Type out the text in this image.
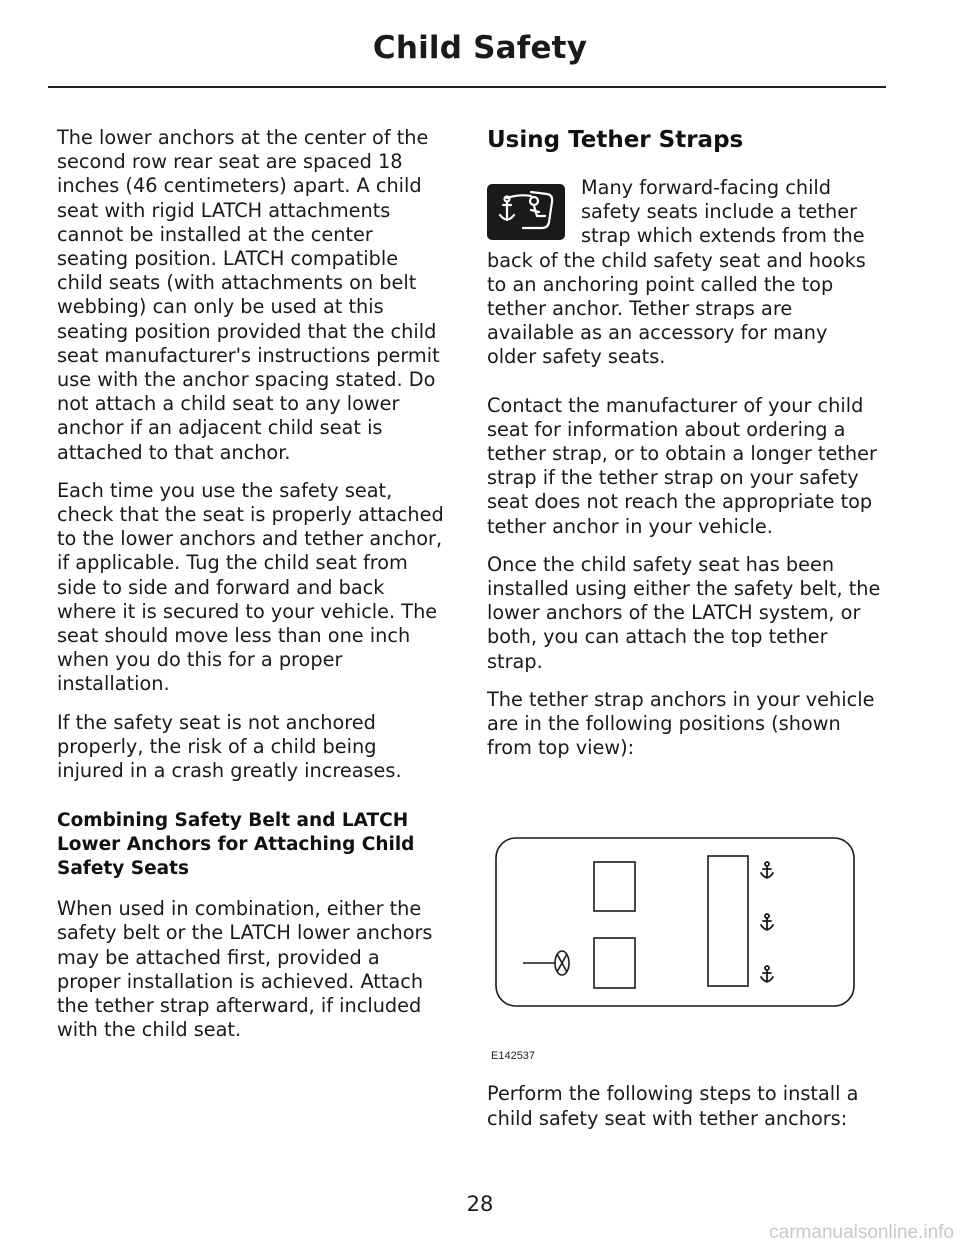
Child Safety

The lower anchors at the center of the second row rear seat are spaced 18 inches (46 centimeters) apart. A child seat with rigid LATCH attachments cannot be installed at the center seating position. LATCH compatible child seats (with attachments on belt webbing) can only be used at this seating position provided that the child seat manufacturer's instructions permit use with the anchor spacing stated. Do not attach a child seat to any lower anchor if an adjacent child seat is attached to that anchor.

Each time you use the safety seat, check that the seat is properly attached to the lower anchors and tether anchor, if applicable. Tug the child seat from side to side and forward and back where it is secured to your vehicle. The seat should move less than one inch when you do this for a proper installation.

If the safety seat is not anchored properly, the risk of a child being injured in a crash greatly increases.

Combining Safety Belt and LATCH Lower Anchors for Attaching Child Safety Seats

When used in combination, either the safety belt or the LATCH lower anchors may be attached first, provided a proper installation is achieved. Attach the tether strap afterward, if included with the child seat.

Using Tether Straps

Many forward-facing child safety seats include a tether strap which extends from the back of the child safety seat and hooks to an anchoring point called the top tether anchor. Tether straps are available as an accessory for many older safety seats.

Contact the manufacturer of your child seat for information about ordering a tether strap, or to obtain a longer tether strap if the tether strap on your safety seat does not reach the appropriate top tether anchor in your vehicle.

Once the child safety seat has been installed using either the safety belt, the lower anchors of the LATCH system, or both, you can attach the top tether strap.

The tether strap anchors in your vehicle are in the following positions (shown from top view):

E142537

Perform the following steps to install a child safety seat with tether anchors:

28
carmanualsonline.info
